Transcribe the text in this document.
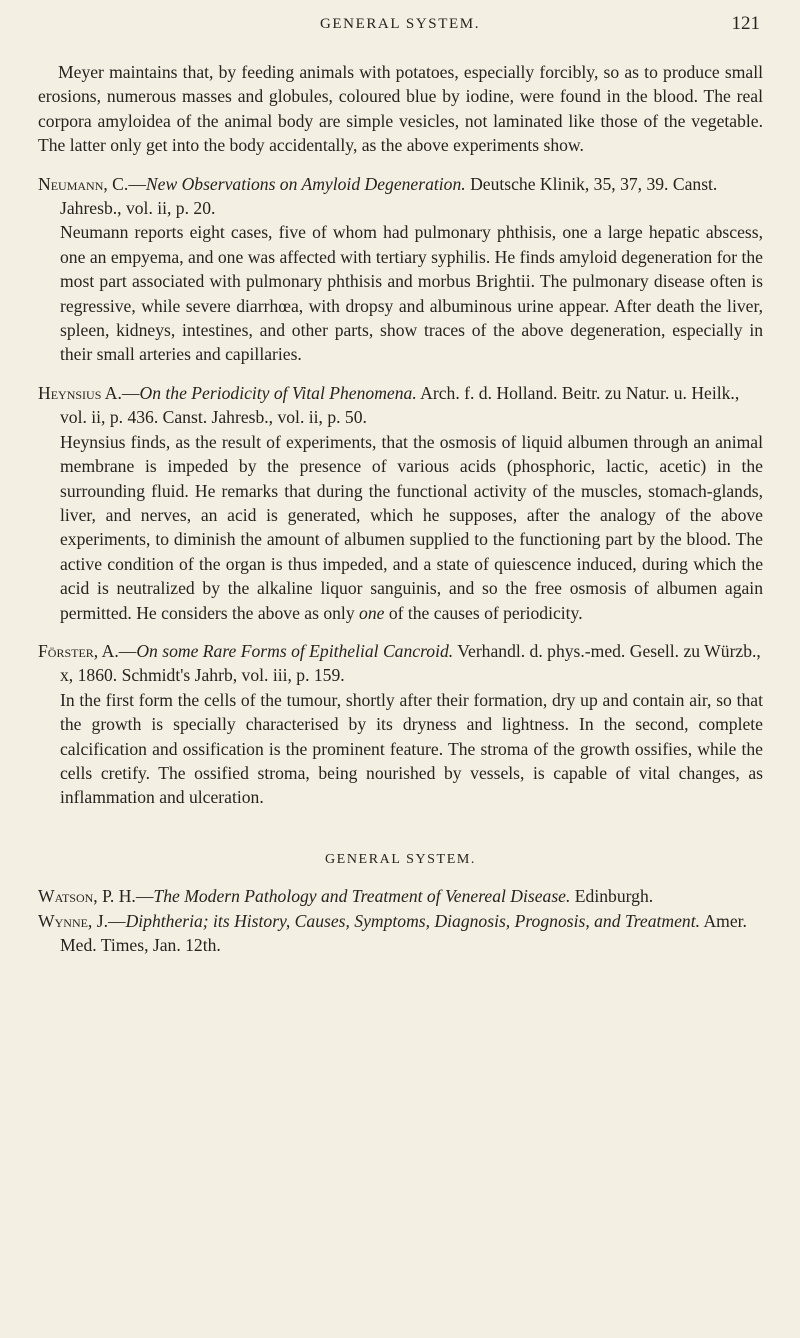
GENERAL SYSTEM.	121

Meyer maintains that, by feeding animals with potatoes, especially forcibly, so as to produce small erosions, numerous masses and globules, coloured blue by iodine, were found in the blood. The real corpora amyloidea of the animal body are simple vesicles, not laminated like those of the vegetable. The latter only get into the body accidentally, as the above experiments show.

Neumann, C.—New Observations on Amyloid Degeneration. Deutsche Klinik, 35, 37, 39. Canst. Jahresb., vol. ii, p. 20.

Neumann reports eight cases, five of whom had pulmonary phthisis, one a large hepatic abscess, one an empyema, and one was affected with tertiary syphilis. He finds amyloid degeneration for the most part associated with pulmonary phthisis and morbus Brightii. The pulmonary disease often is regressive, while severe diarrhœa, with dropsy and albuminous urine appear. After death the liver, spleen, kidneys, intestines, and other parts, show traces of the above degeneration, especially in their small arteries and capillaries.

Heynsius A.—On the Periodicity of Vital Phenomena. Arch. f. d. Holland. Beitr. zu Natur. u. Heilk., vol. ii, p. 436. Canst. Jahresb., vol. ii, p. 50.

Heynsius finds, as the result of experiments, that the osmosis of liquid albumen through an animal membrane is impeded by the presence of various acids (phosphoric, lactic, acetic) in the surrounding fluid. He remarks that during the functional activity of the muscles, stomach-glands, liver, and nerves, an acid is generated, which he supposes, after the analogy of the above experiments, to diminish the amount of albumen supplied to the functioning part by the blood. The active condition of the organ is thus impeded, and a state of quiescence induced, during which the acid is neutralized by the alkaline liquor sanguinis, and so the free osmosis of albumen again permitted. He considers the above as only one of the causes of periodicity.

Förster, A.—On some Rare Forms of Epithelial Cancroid. Verhandl. d. phys.-med. Gesell. zu Würzb., x, 1860. Schmidt's Jahrb, vol. iii, p. 159.

In the first form the cells of the tumour, shortly after their formation, dry up and contain air, so that the growth is specially characterised by its dryness and lightness. In the second, complete calcification and ossification is the prominent feature. The stroma of the growth ossifies, while the cells cretify. The ossified stroma, being nourished by vessels, is capable of vital changes, as inflammation and ulceration.

GENERAL SYSTEM.

Watson, P. H.—The Modern Pathology and Treatment of Venereal Disease. Edinburgh.

Wynne, J.—Diphtheria; its History, Causes, Symptoms, Diagnosis, Prognosis, and Treatment. Amer. Med. Times, Jan. 12th.
